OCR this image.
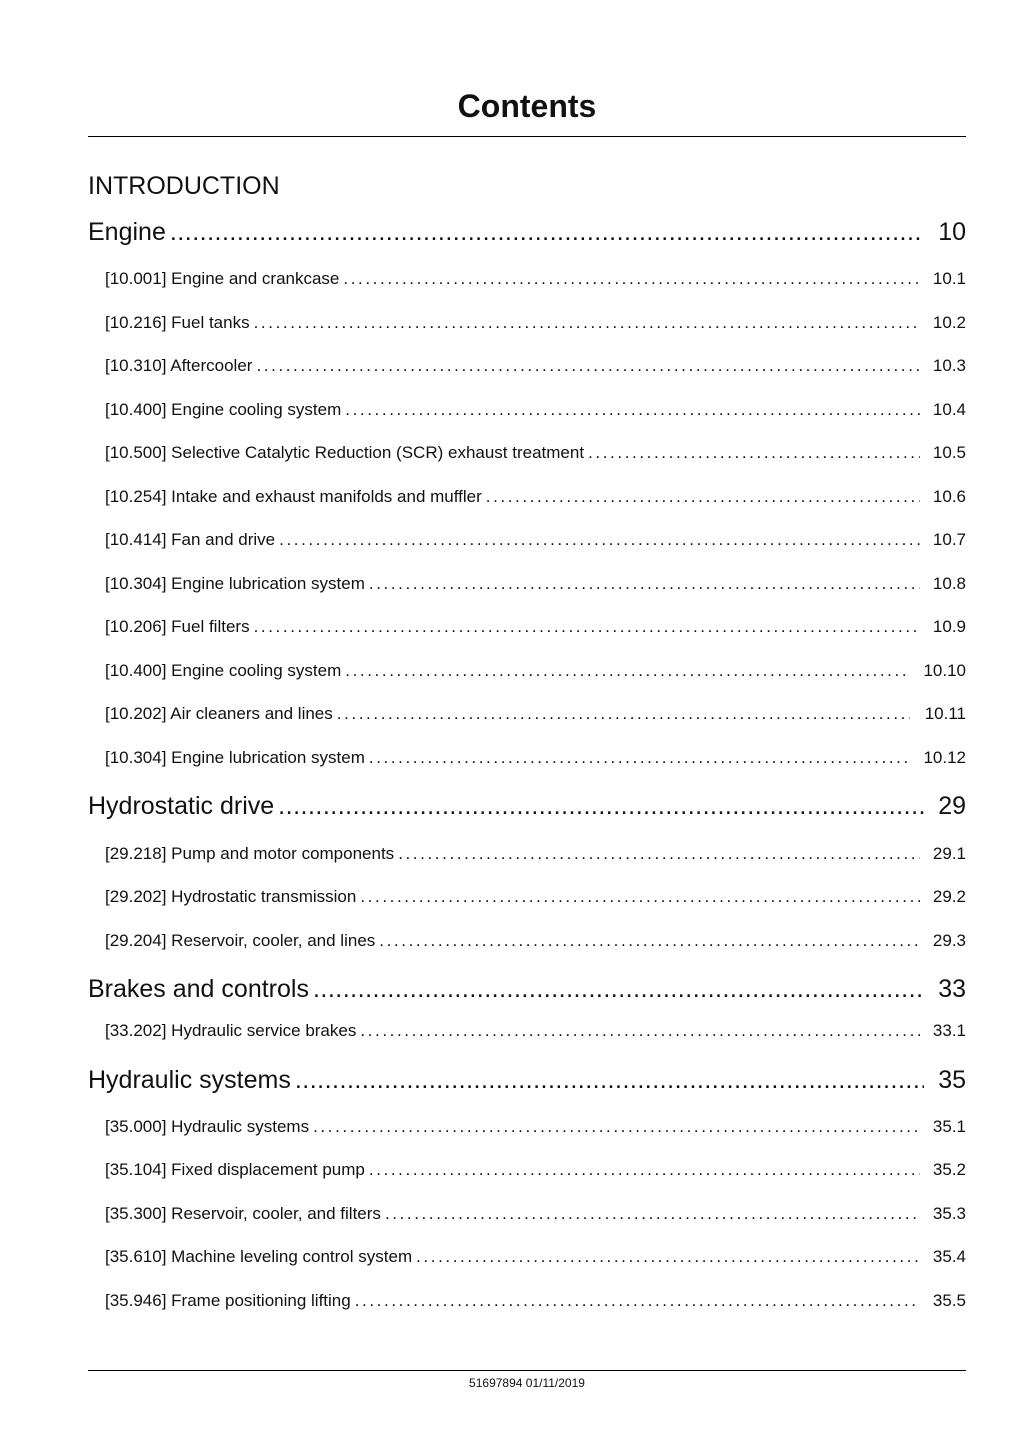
Contents
INTRODUCTION
Engine .....	10
[10.001] Engine and crankcase .....	10.1
[10.216] Fuel tanks .....	10.2
[10.310] Aftercooler .....	10.3
[10.400] Engine cooling system .....	10.4
[10.500] Selective Catalytic Reduction (SCR) exhaust treatment .....	10.5
[10.254] Intake and exhaust manifolds and muffler .....	10.6
[10.414] Fan and drive .....	10.7
[10.304] Engine lubrication system .....	10.8
[10.206] Fuel filters .....	10.9
[10.400] Engine cooling system .....	10.10
[10.202] Air cleaners and lines .....	10.11
[10.304] Engine lubrication system .....	10.12
Hydrostatic drive .....	29
[29.218] Pump and motor components .....	29.1
[29.202] Hydrostatic transmission .....	29.2
[29.204] Reservoir, cooler, and lines .....	29.3
Brakes and controls .....	33
[33.202] Hydraulic service brakes .....	33.1
Hydraulic systems .....	35
[35.000] Hydraulic systems .....	35.1
[35.104] Fixed displacement pump .....	35.2
[35.300] Reservoir, cooler, and filters .....	35.3
[35.610] Machine leveling control system .....	35.4
[35.946] Frame positioning lifting .....	35.5
51697894 01/11/2019
